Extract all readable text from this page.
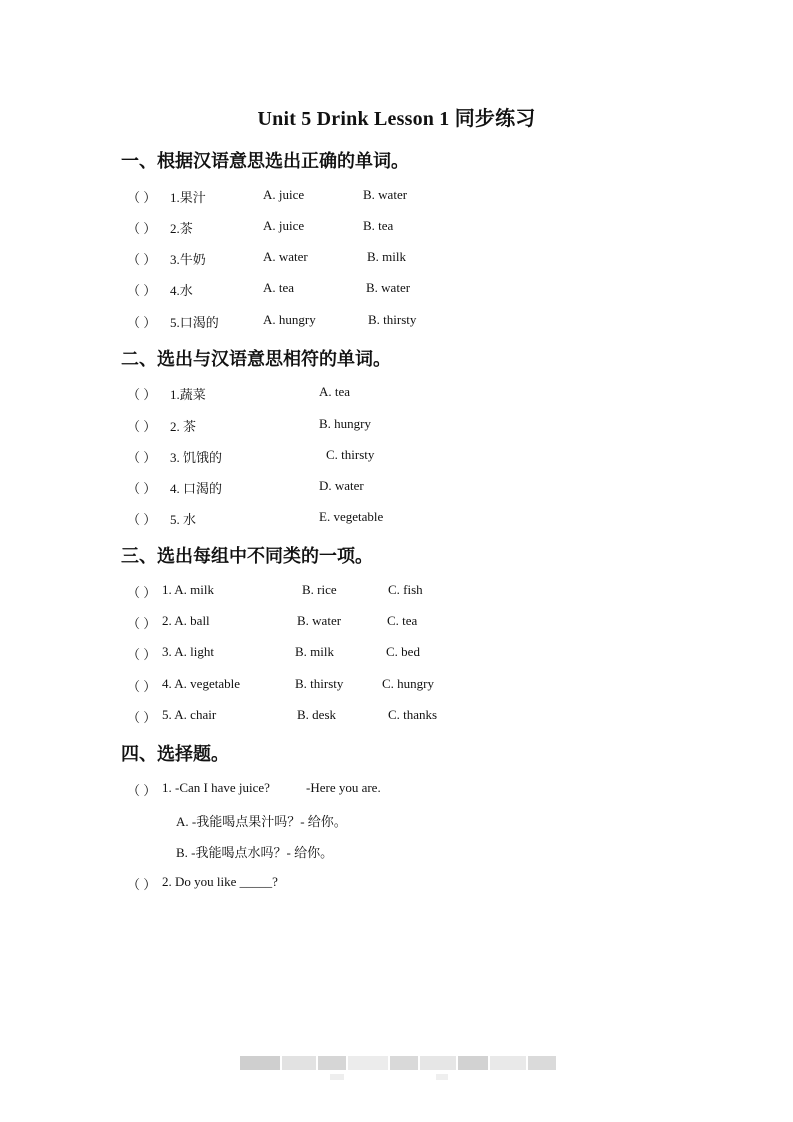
Unit 5 Drink Lesson 1 同步练习
一、根据汉语意思选出正确的单词。
（ ） 1.果汁	A. juice	B. water
（ ） 2.茶	A. juice	B. tea
（ ） 3.牛奶	A. water	B. milk
（ ） 4.水	A. tea	B. water
（ ） 5.口渴的	A. hungry	B. thirsty
二、选出与汉语意思相符的单词。
（ ） 1.蔬菜	A. tea
（ ） 2. 茶	B. hungry
（ ） 3. 饥饿的	C. thirsty
（ ） 4. 口渴的	D. water
（ ） 5. 水	E. vegetable
三、选出每组中不同类的一项。
（ ） 1. A. milk	B. rice	C. fish
（ ） 2. A. ball	B. water	C. tea
（ ） 3. A. light	B. milk	C. bed
（ ） 4. A. vegetable	B. thirsty	C. hungry
（ ） 5. A. chair	B. desk	C. thanks
四、选择题。
（ ） 1. -Can I have juice?	-Here you are.
A. -我能喝点果汁吗？- 给你。
B. -我能喝点水吗？- 给你。
（ ） 2. Do you like _____?
